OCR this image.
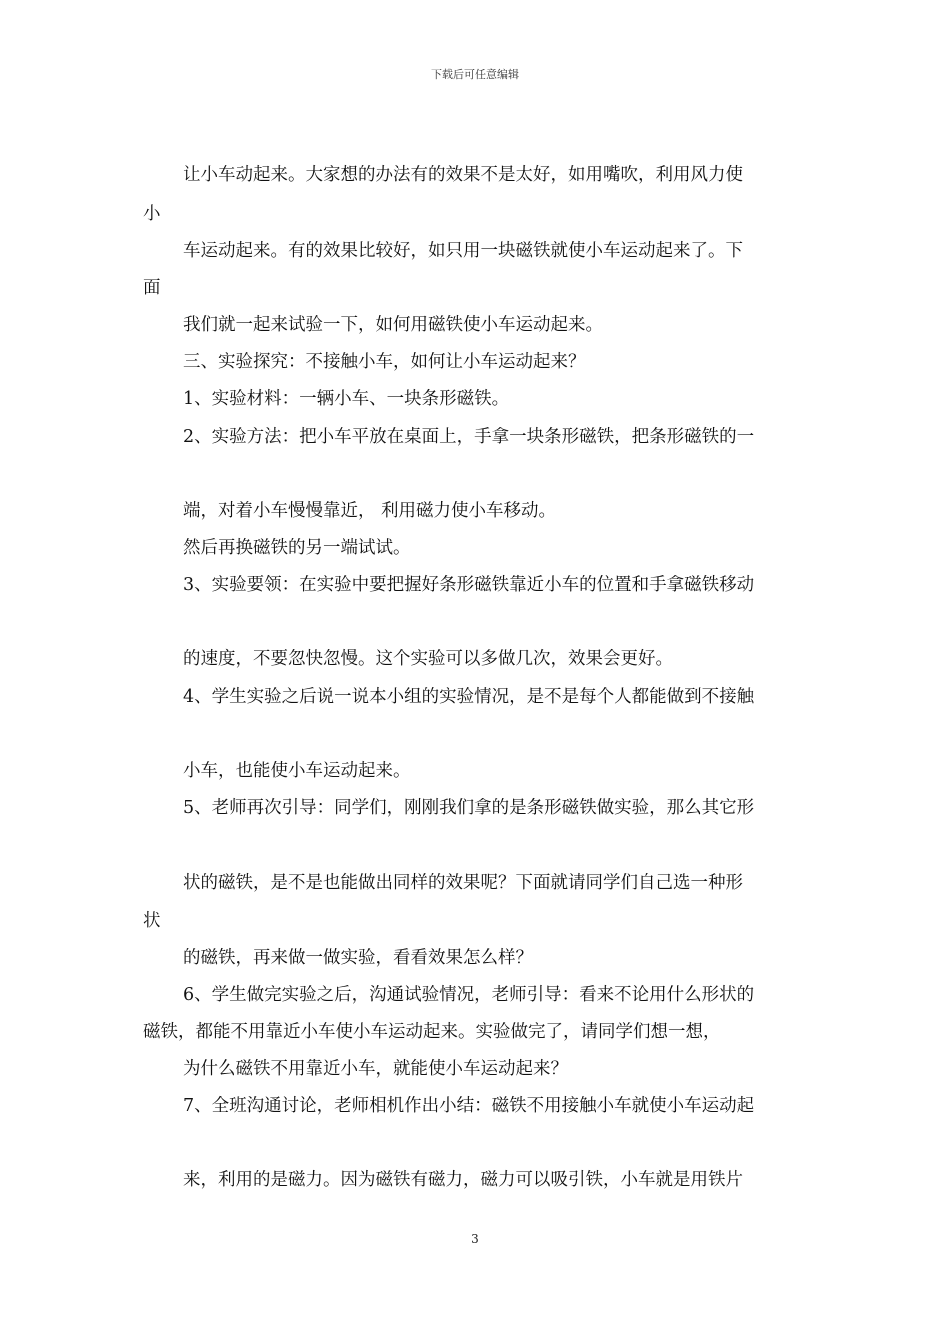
下载后可任意编辑
让小车动起来。大家想的办法有的效果不是太好，如用嘴吹，利用风力使
小
车运动起来。有的效果比较好，如只用一块磁铁就使小车运动起来了。下
面
我们就一起来试验一下，如何用磁铁使小车运动起来。
三、实验探究：不接触小车，如何让小车运动起来？
1、实验材料：一辆小车、一块条形磁铁。
2、实验方法：把小车平放在桌面上，手拿一块条形磁铁，把条形磁铁的一
端，对着小车慢慢靠近， 利用磁力使小车移动。
然后再换磁铁的另一端试试。
3、实验要领：在实验中要把握好条形磁铁靠近小车的位置和手拿磁铁移动
的速度，不要忽快忽慢。这个实验可以多做几次，效果会更好。
4、学生实验之后说一说本小组的实验情况，是不是每个人都能做到不接触
小车，也能使小车运动起来。
5、老师再次引导：同学们，刚刚我们拿的是条形磁铁做实验，那么其它形
状的磁铁，是不是也能做出同样的效果呢？下面就请同学们自己选一种形
状
的磁铁，再来做一做实验，看看效果怎么样？
6、学生做完实验之后，沟通试验情况，老师引导：看来不论用什么形状的
磁铁，都能不用靠近小车使小车运动起来。实验做完了，请同学们想一想，
为什么磁铁不用靠近小车，就能使小车运动起来？
7、全班沟通讨论，老师相机作出小结：磁铁不用接触小车就使小车运动起
来，利用的是磁力。因为磁铁有磁力，磁力可以吸引铁，小车就是用铁片
3
